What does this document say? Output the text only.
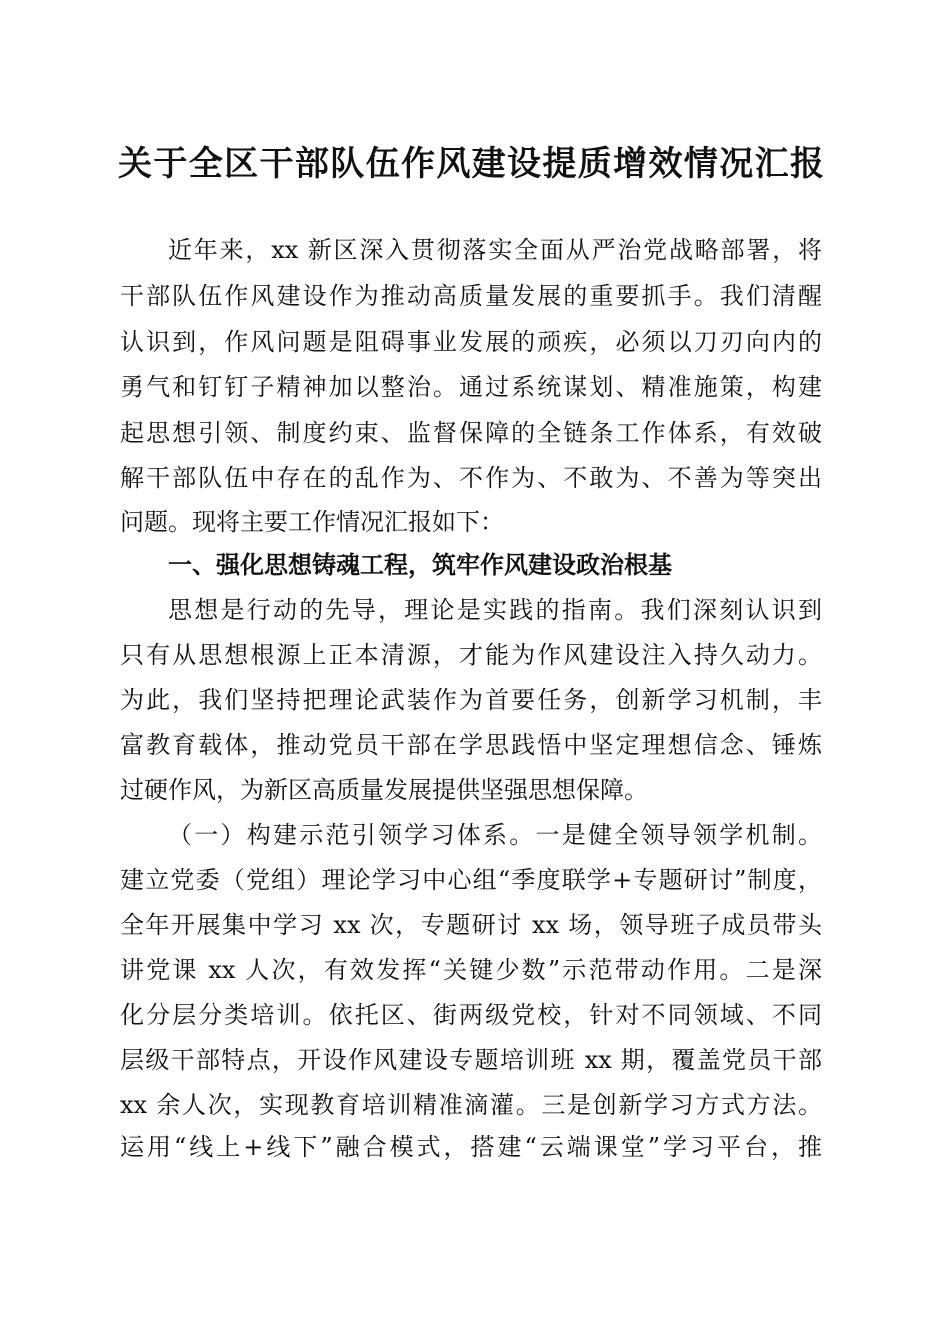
关于全区干部队伍作风建设提质增效情况汇报
近年来，xx 新区深入贯彻落实全面从严治党战略部署，将
干部队伍作风建设作为推动高质量发展的重要抓手。我们清醒
认识到，作风问题是阻碍事业发展的顽疾，必须以刀刃向内的
勇气和钉钉子精神加以整治。通过系统谋划、精准施策，构建
起思想引领、制度约束、监督保障的全链条工作体系，有效破
解干部队伍中存在的乱作为、不作为、不敢为、不善为等突出
问题。现将主要工作情况汇报如下：
一、强化思想铸魂工程，筑牢作风建设政治根基
思想是行动的先导，理论是实践的指南。我们深刻认识到
只有从思想根源上正本清源，才能为作风建设注入持久动力。
为此，我们坚持把理论武装作为首要任务，创新学习机制，丰
富教育载体，推动党员干部在学思践悟中坚定理想信念、锤炼
过硬作风，为新区高质量发展提供坚强思想保障。
（一）构建示范引领学习体系。一是健全领导领学机制。
建立党委（党组）理论学习中心组“季度联学+专题研讨”制度，
全年开展集中学习 xx 次，专题研讨 xx 场，领导班子成员带头
讲党课 xx 人次，有效发挥“关键少数”示范带动作用。二是深
化分层分类培训。依托区、街两级党校，针对不同领域、不同
层级干部特点，开设作风建设专题培训班 xx 期，覆盖党员干部
xx 余人次，实现教育培训精准滴灌。三是创新学习方式方法。
运用“线上+线下”融合模式，搭建“云端课堂”学习平台，推
